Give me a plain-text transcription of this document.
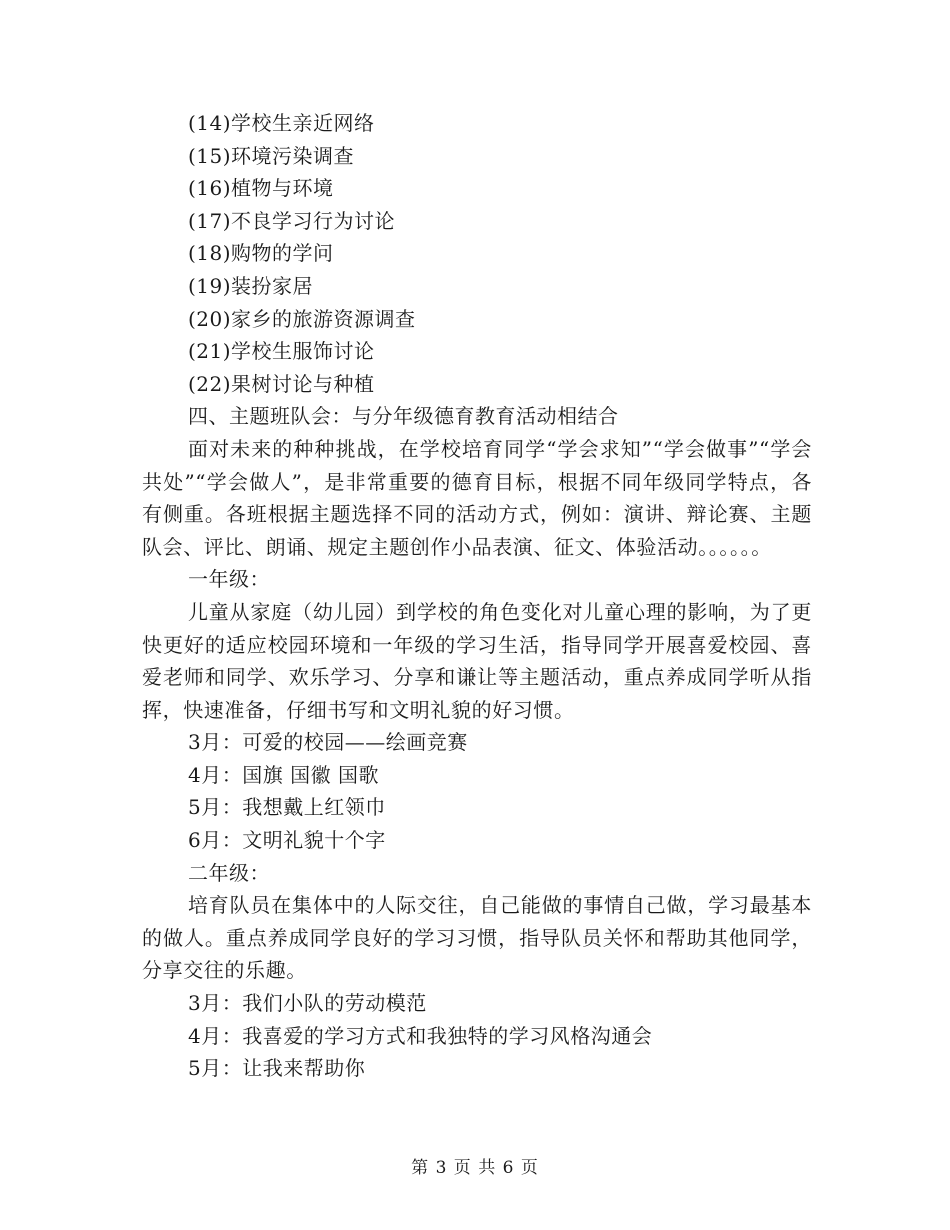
(14)学校生亲近网络
(15)环境污染调查
(16)植物与环境
(17)不良学习行为讨论
(18)购物的学问
(19)装扮家居
(20)家乡的旅游资源调查
(21)学校生服饰讨论
(22)果树讨论与种植
四、主题班队会：与分年级德育教育活动相结合

面对未来的种种挑战，在学校培育同学“学会求知”“学会做事”“学会共处”“学会做人”，是非常重要的德育目标，根据不同年级同学特点，各有侧重。各班根据主题选择不同的活动方式，例如：演讲、辩论赛、主题队会、评比、朗诵、规定主题创作小品表演、征文、体验活动。。。。。。

一年级：

儿童从家庭（幼儿园）到学校的角色变化对儿童心理的影响，为了更快更好的适应校园环境和一年级的学习生活，指导同学开展喜爱校园、喜爱老师和同学、欢乐学习、分享和谦让等主题活动，重点养成同学听从指挥，快速准备，仔细书写和文明礼貌的好习惯。

3月：可爱的校园——绘画竞赛
4月：国旗 国徽 国歌
5月：我想戴上红领巾
6月：文明礼貌十个字
二年级：

培育队员在集体中的人际交往，自己能做的事情自己做，学习最基本的做人。重点养成同学良好的学习习惯，指导队员关怀和帮助其他同学，分享交往的乐趣。

3月：我们小队的劳动模范
4月：我喜爱的学习方式和我独特的学习风格沟通会
5月：让我来帮助你
第 3 页 共 6 页
